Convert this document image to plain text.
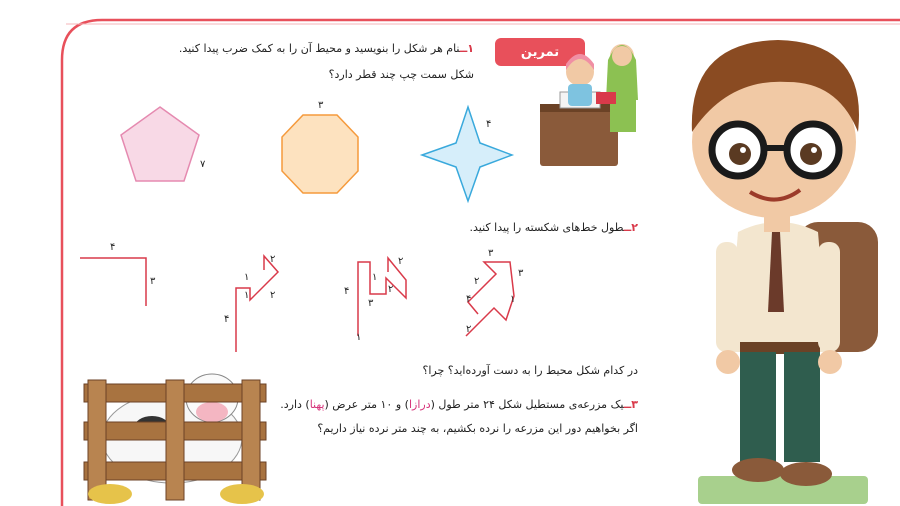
۱ــنام هر شکل را بنویسید و محیط آن را به کمک ضرب پیدا کنید.
شکل سمت چپ چند قطر دارد؟
تمرین
۷
۳
۴
۲ــطول خط‌های شکسته را پیدا کنید.
۴
۳
۲
۱
۱ ۲
۴
۲
۱
۲
۳
۴
۱
۳
۳
۲
۱
۴
۲
در کدام شکل محیط را به دست آورده‌اید؟ چرا؟
۳ــیک مزرعه‌ی مستطیل شکل ۲۴ متر طول (درازا) و ۱۰ متر عرض (پهنا) دارد.
اگر بخواهیم دور این مزرعه را نرده بکشیم، به چند متر نرده نیاز داریم؟
